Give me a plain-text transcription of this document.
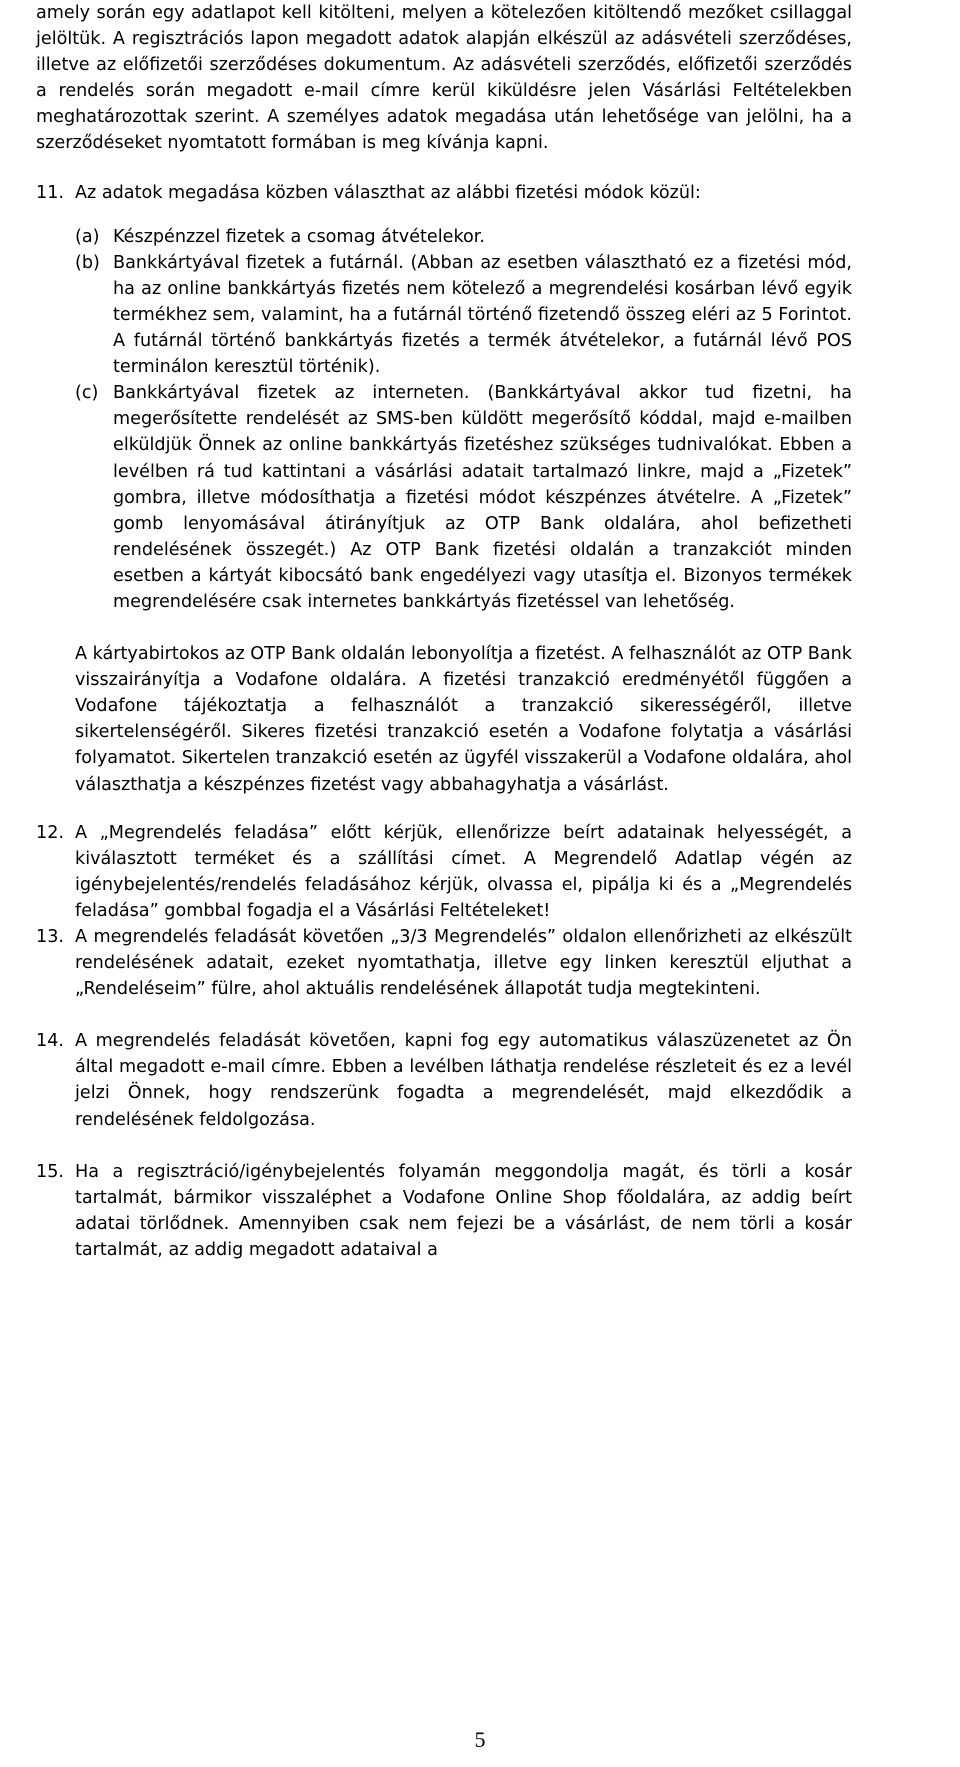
amely során egy adatlapot kell kitölteni, melyen a kötelezően kitöltendő mezőket csillaggal jelöltük. A regisztrációs lapon megadott adatok alapján elkészül az adásvételi szerződéses, illetve az előfizetői szerződéses dokumentum. Az adásvételi szerződés, előfizetői szerződés a rendelés során megadott e-mail címre kerül kiküldésre jelen Vásárlási Feltételekben meghatározottak szerint. A személyes adatok megadása után lehetősége van jelölni, ha a szerződéseket nyomtatott formában is meg kívánja kapni.

11. Az adatok megadása közben választhat az alábbi fizetési módok közül:

(a) Készpénzzel fizetek a csomag átvételekor.

(b) Bankkártyával fizetek a futárnál. (Abban az esetben választható ez a fizetési mód, ha az online bankkártyás fizetés nem kötelező a megrendelési kosárban lévő egyik termékhez sem, valamint, ha a futárnál történő fizetendő összeg eléri az 5 Forintot. A futárnál történő bankkártyás fizetés a termék átvételekor, a futárnál lévő POS terminálon keresztül történik).

(c) Bankkártyával fizetek az interneten. (Bankkártyával akkor tud fizetni, ha megerősítette rendelését az SMS-ben küldött megerősítő kóddal, majd e-mailben elküldjük Önnek az online bankkártyás fizetéshez szükséges tudnivalókat. Ebben a levélben rá tud kattintani a vásárlási adatait tartalmazó linkre, majd a „Fizetek” gombra, illetve módosíthatja a fizetési módot készpénzes átvételre. A „Fizetek” gomb lenyomásával átirányítjuk az OTP Bank oldalára, ahol befizetheti rendelésének összegét.) Az OTP Bank fizetési oldalán a tranzakciót minden esetben a kártyát kibocsátó bank engedélyezi vagy utasítja el. Bizonyos termékek megrendelésére csak internetes bankkártyás fizetéssel van lehetőség.

A kártyabirtokos az OTP Bank oldalán lebonyolítja a fizetést. A felhasználót az OTP Bank visszairányítja a Vodafone oldalára. A fizetési tranzakció eredményétől függően a Vodafone tájékoztatja a felhasználót a tranzakció sikerességéről, illetve sikertelenségéről. Sikeres fizetési tranzakció esetén a Vodafone folytatja a vásárlási folyamatot. Sikertelen tranzakció esetén az ügyfél visszakerül a Vodafone oldalára, ahol választhatja a készpénzes fizetést vagy abbahagyhatja a vásárlást.

12. A „Megrendelés feladása” előtt kérjük, ellenőrizze beírt adatainak helyességét, a kiválasztott terméket és a szállítási címet. A Megrendelő Adatlap végén az igénybejelentés/rendelés feladásához kérjük, olvassa el, pipálja ki és a „Megrendelés feladása” gombbal fogadja el a Vásárlási Feltételeket!

13. A megrendelés feladását követően „3/3 Megrendelés” oldalon ellenőrizheti az elkészült rendelésének adatait, ezeket nyomtathatja, illetve egy linken keresztül eljuthat a „Rendeléseim” fülre, ahol aktuális rendelésének állapotát tudja megtekinteni.

14. A megrendelés feladását követően, kapni fog egy automatikus válaszüzenetet az Ön által megadott e-mail címre. Ebben a levélben láthatja rendelése részleteit és ez a levél jelzi Önnek, hogy rendszerünk fogadta a megrendelését, majd elkezdődik a rendelésének feldolgozása.

15. Ha a regisztráció/igénybejelentés folyamán meggondolja magát, és törli a kosár tartalmát, bármikor visszaléphet a Vodafone Online Shop főoldalára, az addig beírt adatai törlődnek. Amennyiben csak nem fejezi be a vásárlást, de nem törli a kosár tartalmát, az addig megadott adataival a

5
